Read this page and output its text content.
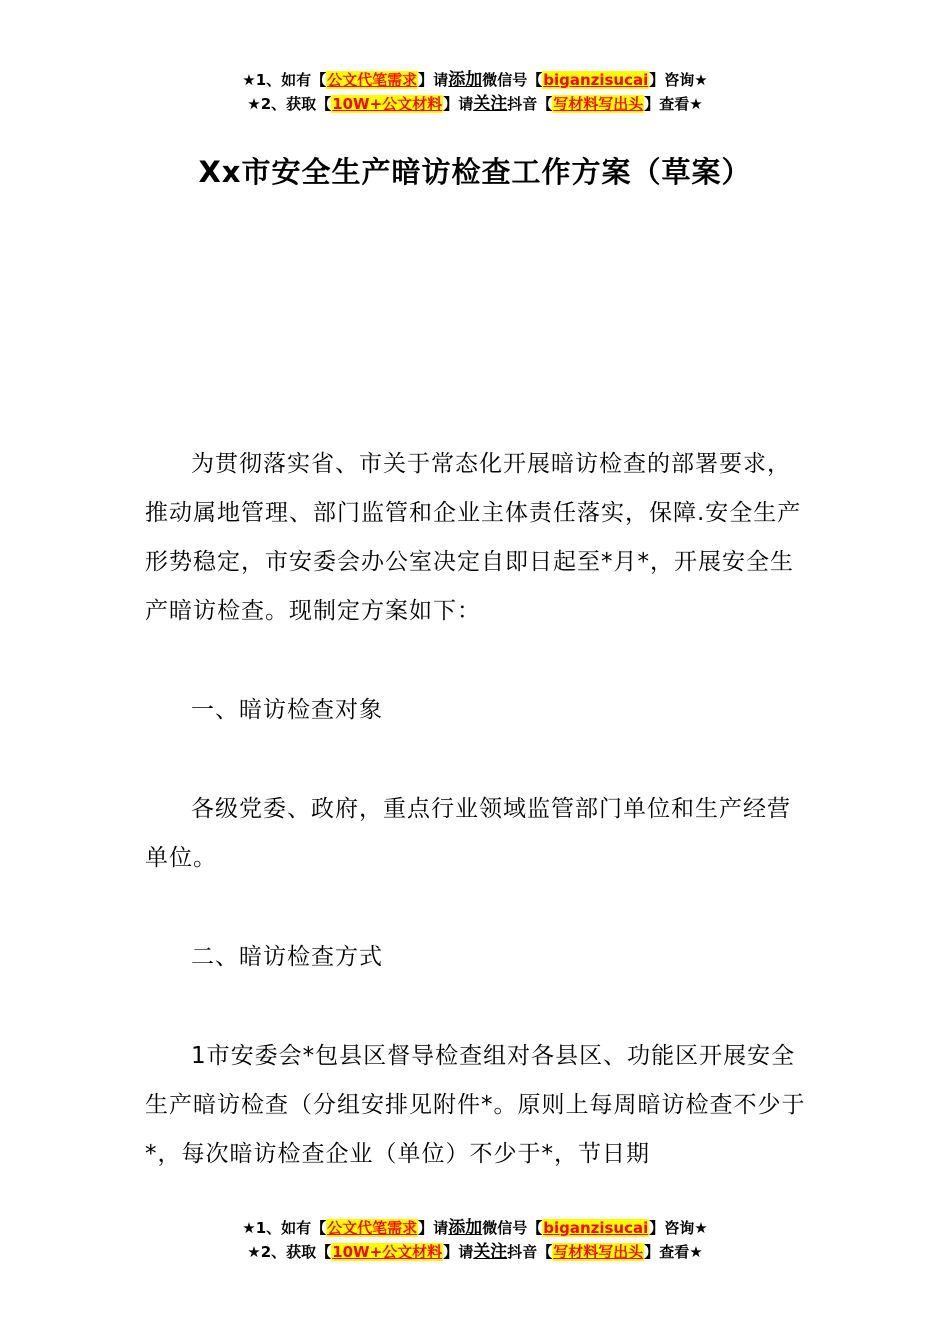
★1、如有【公文代笔需求】请添加微信号【biganzisucai】咨询★
★2、获取【10W+公文材料】请关注抖音【写材料写出头】查看★
Xx市安全生产暗访检查工作方案（草案）

为贯彻落实省、市关于常态化开展暗访检查的部署要求，推动属地管理、部门监管和企业主体责任落实，保障.安全生产形势稳定，市安委会办公室决定自即日起至*月*，开展安全生产暗访检查。现制定方案如下：

一、暗访检查对象

各级党委、政府，重点行业领域监管部门单位和生产经营单位。

二、暗访检查方式

1市安委会*包县区督导检查组对各县区、功能区开展安全生产暗访检查（分组安排见附件*。原则上每周暗访检查不少于*，每次暗访检查企业（单位）不少于*，节日期

★1、如有【公文代笔需求】请添加微信号【biganzisucai】咨询★
★2、获取【10W+公文材料】请关注抖音【写材料写出头】查看★
